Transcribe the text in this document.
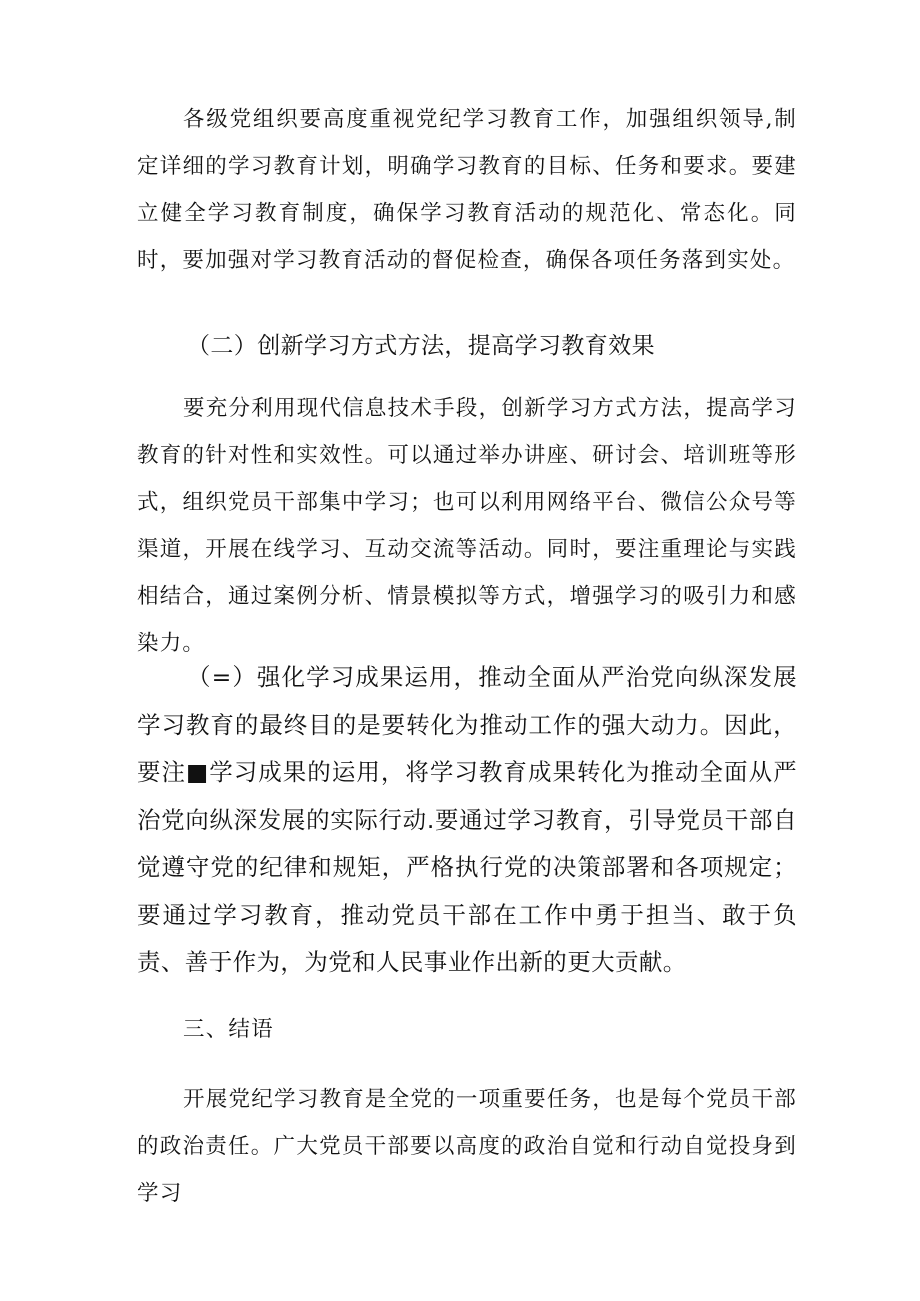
各级党组织要高度重视党纪学习教育工作，加强组织领导,制定详细的学习教育计划，明确学习教育的目标、任务和要求。要建立健全学习教育制度，确保学习教育活动的规范化、常态化。同时，要加强对学习教育活动的督促检查，确保各项任务落到实处。

（二）创新学习方式方法，提高学习教育效果

要充分利用现代信息技术手段，创新学习方式方法，提高学习教育的针对性和实效性。可以通过举办讲座、研讨会、培训班等形式，组织党员干部集中学习；也可以利用网络平台、微信公众号等渠道，开展在线学习、互动交流等活动。同时，要注重理论与实践相结合，通过案例分析、情景模拟等方式，增强学习的吸引力和感染力。

（=）强化学习成果运用，推动全面从严治党向纵深发展学习教育的最终目的是要转化为推动工作的强大动力。因此，要注■学习成果的运用，将学习教育成果转化为推动全面从严治党向纵深发展的实际行动.要通过学习教育，引导党员干部自觉遵守党的纪律和规矩，严格执行党的决策部署和各项规定；要通过学习教育，推动党员干部在工作中勇于担当、敢于负责、善于作为，为党和人民事业作出新的更大贡献。

三、结语

开展党纪学习教育是全党的一项重要任务，也是每个党员干部的政治责任。广大党员干部要以高度的政治自觉和行动自觉投身到学习
